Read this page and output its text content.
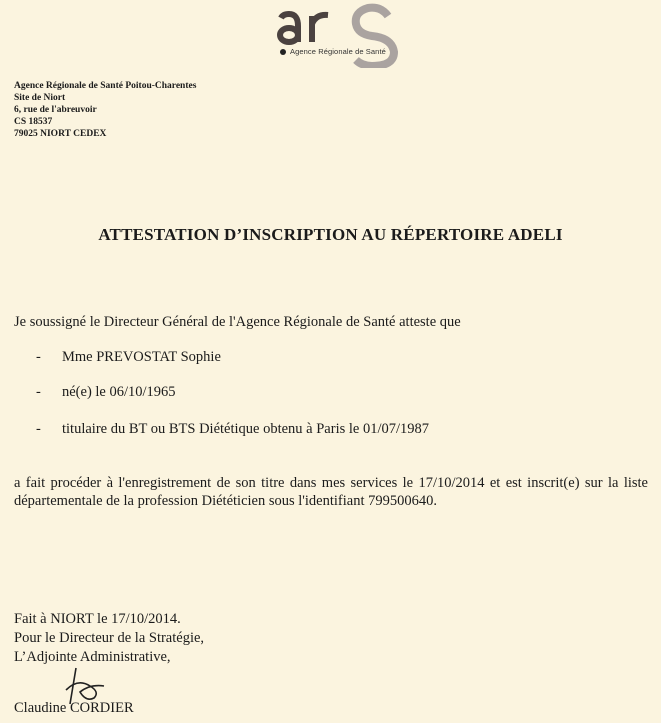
Agence Régionale de Santé
Agence Régionale de Santé Poitou-Charentes
Site de Niort
6, rue de l'abreuvoir
CS 18537
79025 NIORT CEDEX
ATTESTATION D’INSCRIPTION AU RÉPERTOIRE ADELI
Je soussigné le Directeur Général de l'Agence Régionale de Santé atteste que
- Mme PREVOSTAT Sophie
- né(e) le 06/10/1965
- titulaire du BT ou BTS Diététique obtenu à Paris le 01/07/1987
a fait procéder à l'enregistrement de son titre dans mes services le 17/10/2014 et est inscrit(e) sur la liste départementale de la profession Diététicien sous l'identifiant 799500640.
Fait à NIORT le 17/10/2014.
Pour le Directeur de la Stratégie,
L’Adjointe Administrative,
Claudine CORDIER
